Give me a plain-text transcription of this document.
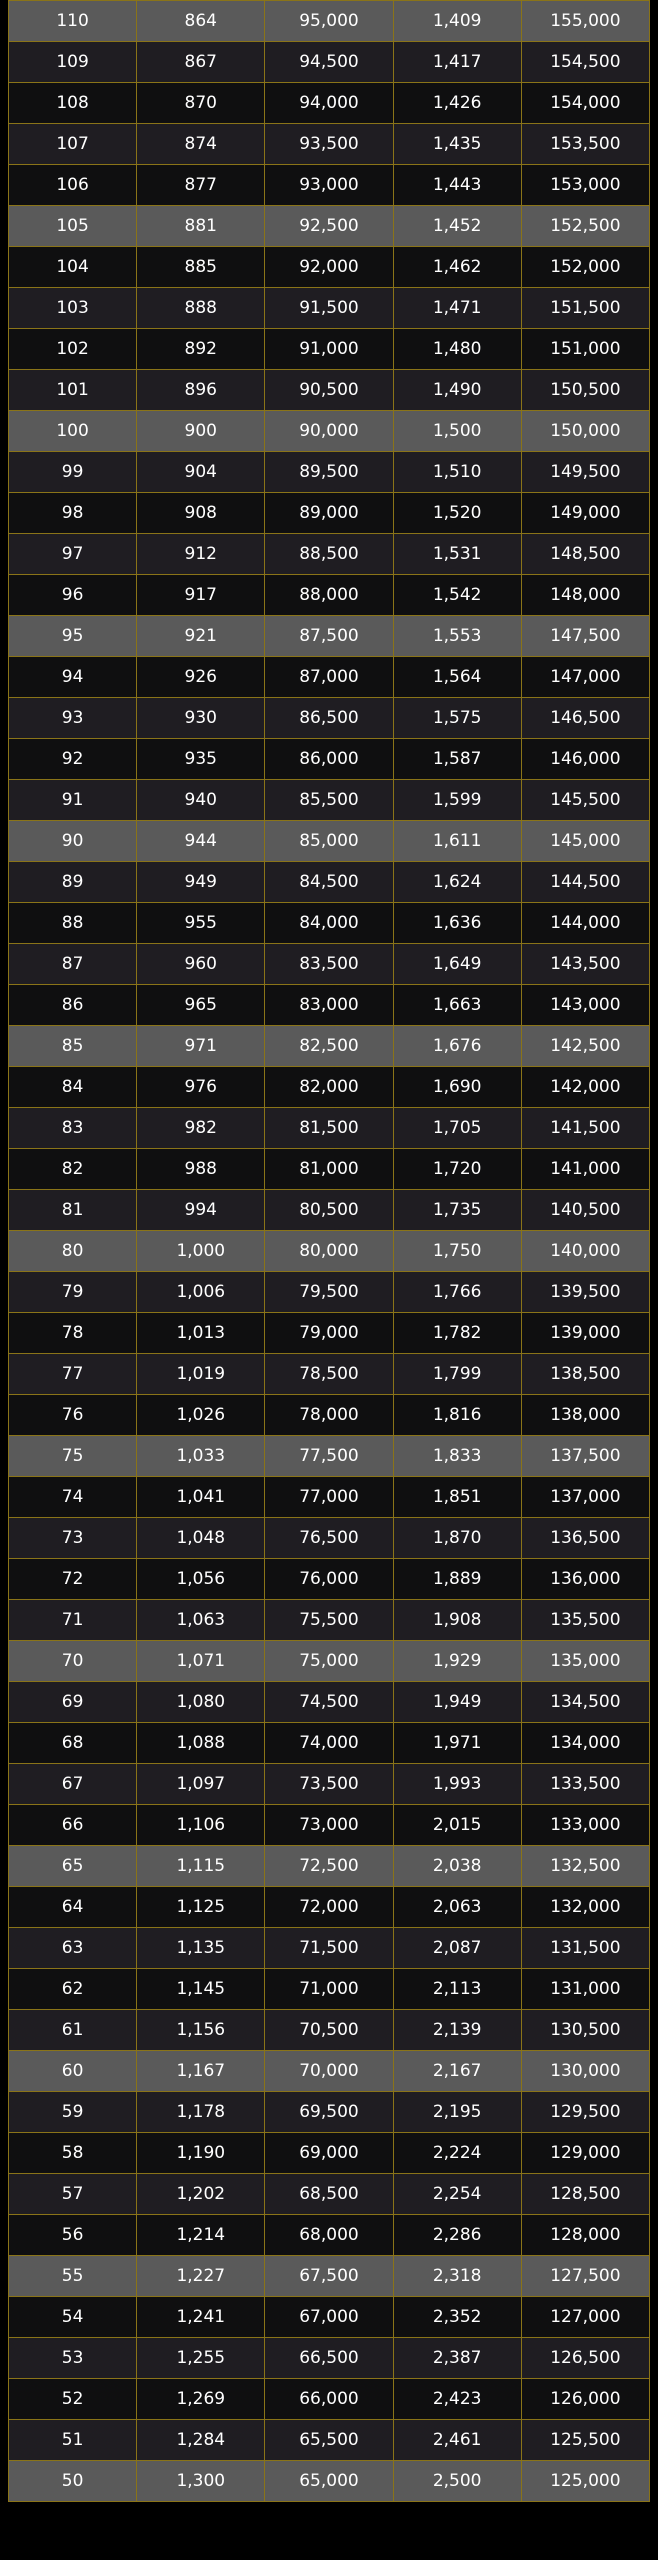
110	864	95,000	1,409	155,000
109	867	94,500	1,417	154,500
108	870	94,000	1,426	154,000
107	874	93,500	1,435	153,500
106	877	93,000	1,443	153,000
105	881	92,500	1,452	152,500
104	885	92,000	1,462	152,000
103	888	91,500	1,471	151,500
102	892	91,000	1,480	151,000
101	896	90,500	1,490	150,500
100	900	90,000	1,500	150,000
99	904	89,500	1,510	149,500
98	908	89,000	1,520	149,000
97	912	88,500	1,531	148,500
96	917	88,000	1,542	148,000
95	921	87,500	1,553	147,500
94	926	87,000	1,564	147,000
93	930	86,500	1,575	146,500
92	935	86,000	1,587	146,000
91	940	85,500	1,599	145,500
90	944	85,000	1,611	145,000
89	949	84,500	1,624	144,500
88	955	84,000	1,636	144,000
87	960	83,500	1,649	143,500
86	965	83,000	1,663	143,000
85	971	82,500	1,676	142,500
84	976	82,000	1,690	142,000
83	982	81,500	1,705	141,500
82	988	81,000	1,720	141,000
81	994	80,500	1,735	140,500
80	1,000	80,000	1,750	140,000
79	1,006	79,500	1,766	139,500
78	1,013	79,000	1,782	139,000
77	1,019	78,500	1,799	138,500
76	1,026	78,000	1,816	138,000
75	1,033	77,500	1,833	137,500
74	1,041	77,000	1,851	137,000
73	1,048	76,500	1,870	136,500
72	1,056	76,000	1,889	136,000
71	1,063	75,500	1,908	135,500
70	1,071	75,000	1,929	135,000
69	1,080	74,500	1,949	134,500
68	1,088	74,000	1,971	134,000
67	1,097	73,500	1,993	133,500
66	1,106	73,000	2,015	133,000
65	1,115	72,500	2,038	132,500
64	1,125	72,000	2,063	132,000
63	1,135	71,500	2,087	131,500
62	1,145	71,000	2,113	131,000
61	1,156	70,500	2,139	130,500
60	1,167	70,000	2,167	130,000
59	1,178	69,500	2,195	129,500
58	1,190	69,000	2,224	129,000
57	1,202	68,500	2,254	128,500
56	1,214	68,000	2,286	128,000
55	1,227	67,500	2,318	127,500
54	1,241	67,000	2,352	127,000
53	1,255	66,500	2,387	126,500
52	1,269	66,000	2,423	126,000
51	1,284	65,500	2,461	125,500
50	1,300	65,000	2,500	125,000
